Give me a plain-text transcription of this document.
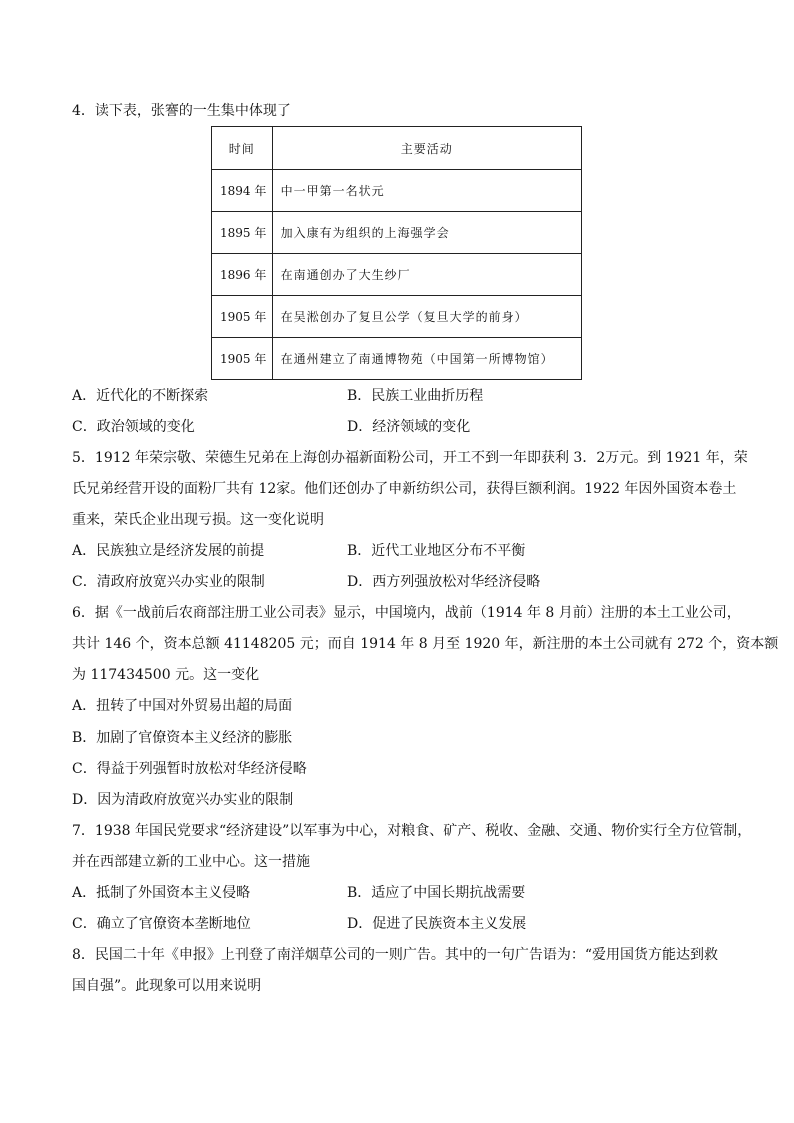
4．读下表，张謇的一生集中体现了
时间	主要活动
1894 年	中一甲第一名状元
1895 年	加入康有为组织的上海强学会
1896 年	在南通创办了大生纱厂
1905 年	在吴淞创办了复旦公学（复旦大学的前身）
1905 年	在通州建立了南通博物苑（中国第一所博物馆）
A．近代化的不断探索	B．民族工业曲折历程
C．政治领域的变化	D．经济领域的变化
5．1912 年荣宗敬、荣德生兄弟在上海创办福新面粉公司，开工不到一年即获利 3．2万元。到 1921 年，荣
氏兄弟经营开设的面粉厂共有 12家。他们还创办了申新纺织公司，获得巨额利润。1922 年因外国资本卷土
重来，荣氏企业出现亏损。这一变化说明
A．民族独立是经济发展的前提	B．近代工业地区分布不平衡
C．清政府放宽兴办实业的限制	D．西方列强放松对华经济侵略
6．据《一战前后农商部注册工业公司表》显示，中国境内，战前（1914 年 8 月前）注册的本土工业公司，
共计 146 个，资本总额 41148205 元；而自 1914 年 8 月至 1920 年，新注册的本土公司就有 272 个，资本额
为 117434500 元。这一变化
A．扭转了中国对外贸易出超的局面
B．加剧了官僚资本主义经济的膨胀
C．得益于列强暂时放松对华经济侵略
D．因为清政府放宽兴办实业的限制
7．1938 年国民党要求“经济建设”以军事为中心，对粮食、矿产、税收、金融、交通、物价实行全方位管制，
并在西部建立新的工业中心。这一措施
A．抵制了外国资本主义侵略	B．适应了中国长期抗战需要
C．确立了官僚资本垄断地位	D．促进了民族资本主义发展
8．民国二十年《申报》上刊登了南洋烟草公司的一则广告。其中的一句广告语为：“爱用国货方能达到救
国自强”。此现象可以用来说明
